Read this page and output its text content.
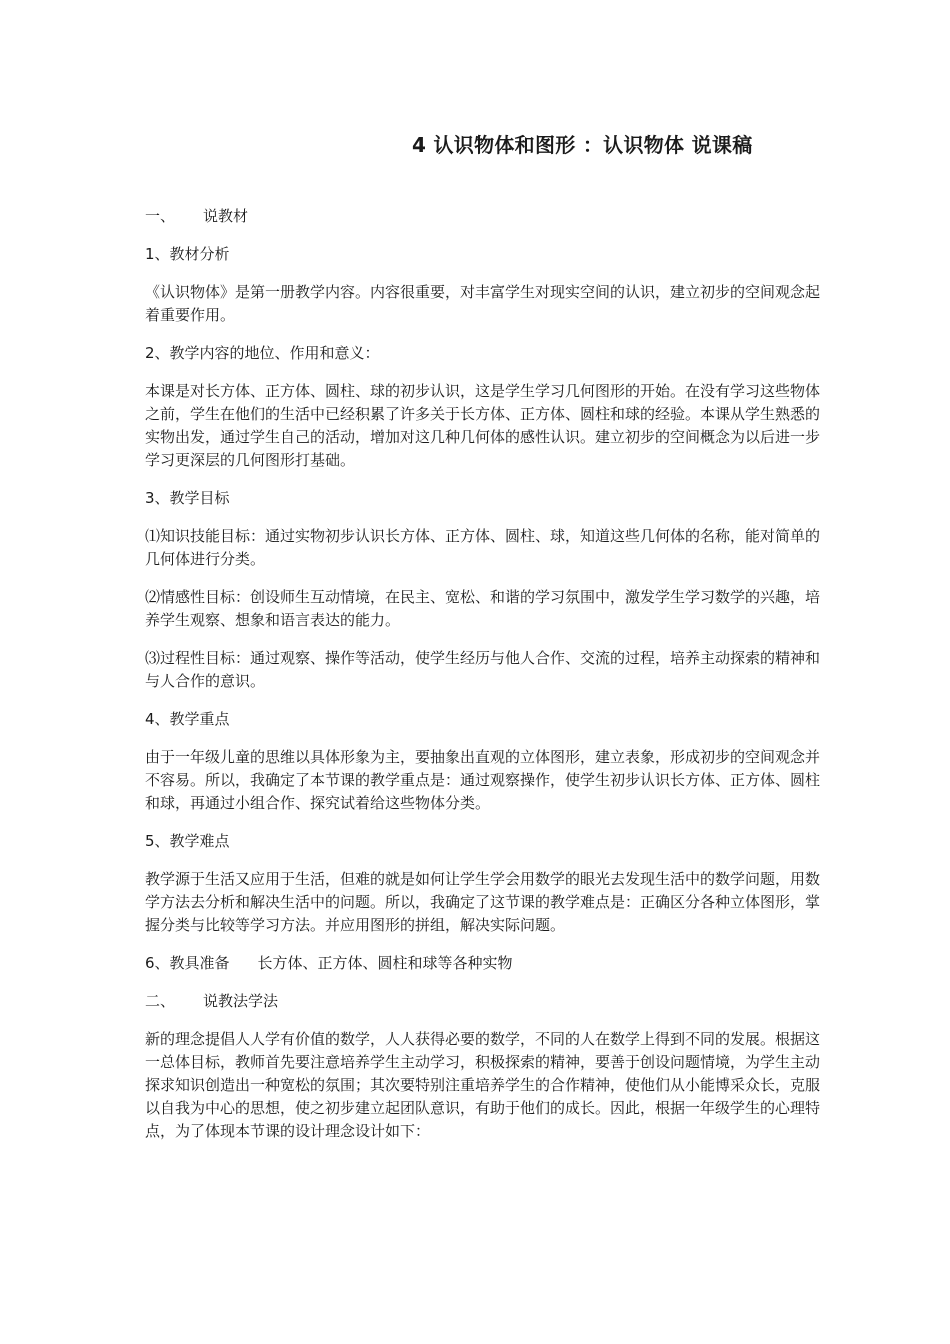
4 认识物体和图形 ：认识物体 说课稿
一、 说教材
1、教材分析
《认识物体》是第一册教学内容。内容很重要，对丰富学生对现实空间的认识，建立初步的空间观念起着重要作用。
2、教学内容的地位、作用和意义：
本课是对长方体、正方体、圆柱、球的初步认识，这是学生学习几何图形的开始。在没有学习这些物体之前，学生在他们的生活中已经积累了许多关于长方体、正方体、圆柱和球的经验。本课从学生熟悉的实物出发，通过学生自己的活动，增加对这几种几何体的感性认识。建立初步的空间概念为以后进一步学习更深层的几何图形打基础。
3、教学目标
⑴知识技能目标：通过实物初步认识长方体、正方体、圆柱、球，知道这些几何体的名称，能对简单的几何体进行分类。
⑵情感性目标：创设师生互动情境，在民主、宽松、和谐的学习氛围中，激发学生学习数学的兴趣，培养学生观察、想象和语言表达的能力。
⑶过程性目标：通过观察、操作等活动，使学生经历与他人合作、交流的过程，培养主动探索的精神和与人合作的意识。
4、教学重点
由于一年级儿童的思维以具体形象为主，要抽象出直观的立体图形，建立表象，形成初步的空间观念并不容易。所以，我确定了本节课的教学重点是：通过观察操作，使学生初步认识长方体、正方体、圆柱和球，再通过小组合作、探究试着给这些物体分类。
5、教学难点
教学源于生活又应用于生活，但难的就是如何让学生学会用数学的眼光去发现生活中的数学问题，用数学方法去分析和解决生活中的问题。所以，我确定了这节课的教学难点是：正确区分各种立体图形，掌握分类与比较等学习方法。并应用图形的拼组，解决实际问题。
6、教具准备 长方体、正方体、圆柱和球等各种实物
二、 说教法学法
新的理念提倡人人学有价值的数学，人人获得必要的数学，不同的人在数学上得到不同的发展。根据这一总体目标，教师首先要注意培养学生主动学习，积极探索的精神，要善于创设问题情境，为学生主动探求知识创造出一种宽松的氛围；其次要特别注重培养学生的合作精神，使他们从小能博采众长，克服以自我为中心的思想，使之初步建立起团队意识，有助于他们的成长。因此，根据一年级学生的心理特点，为了体现本节课的设计理念设计如下：
